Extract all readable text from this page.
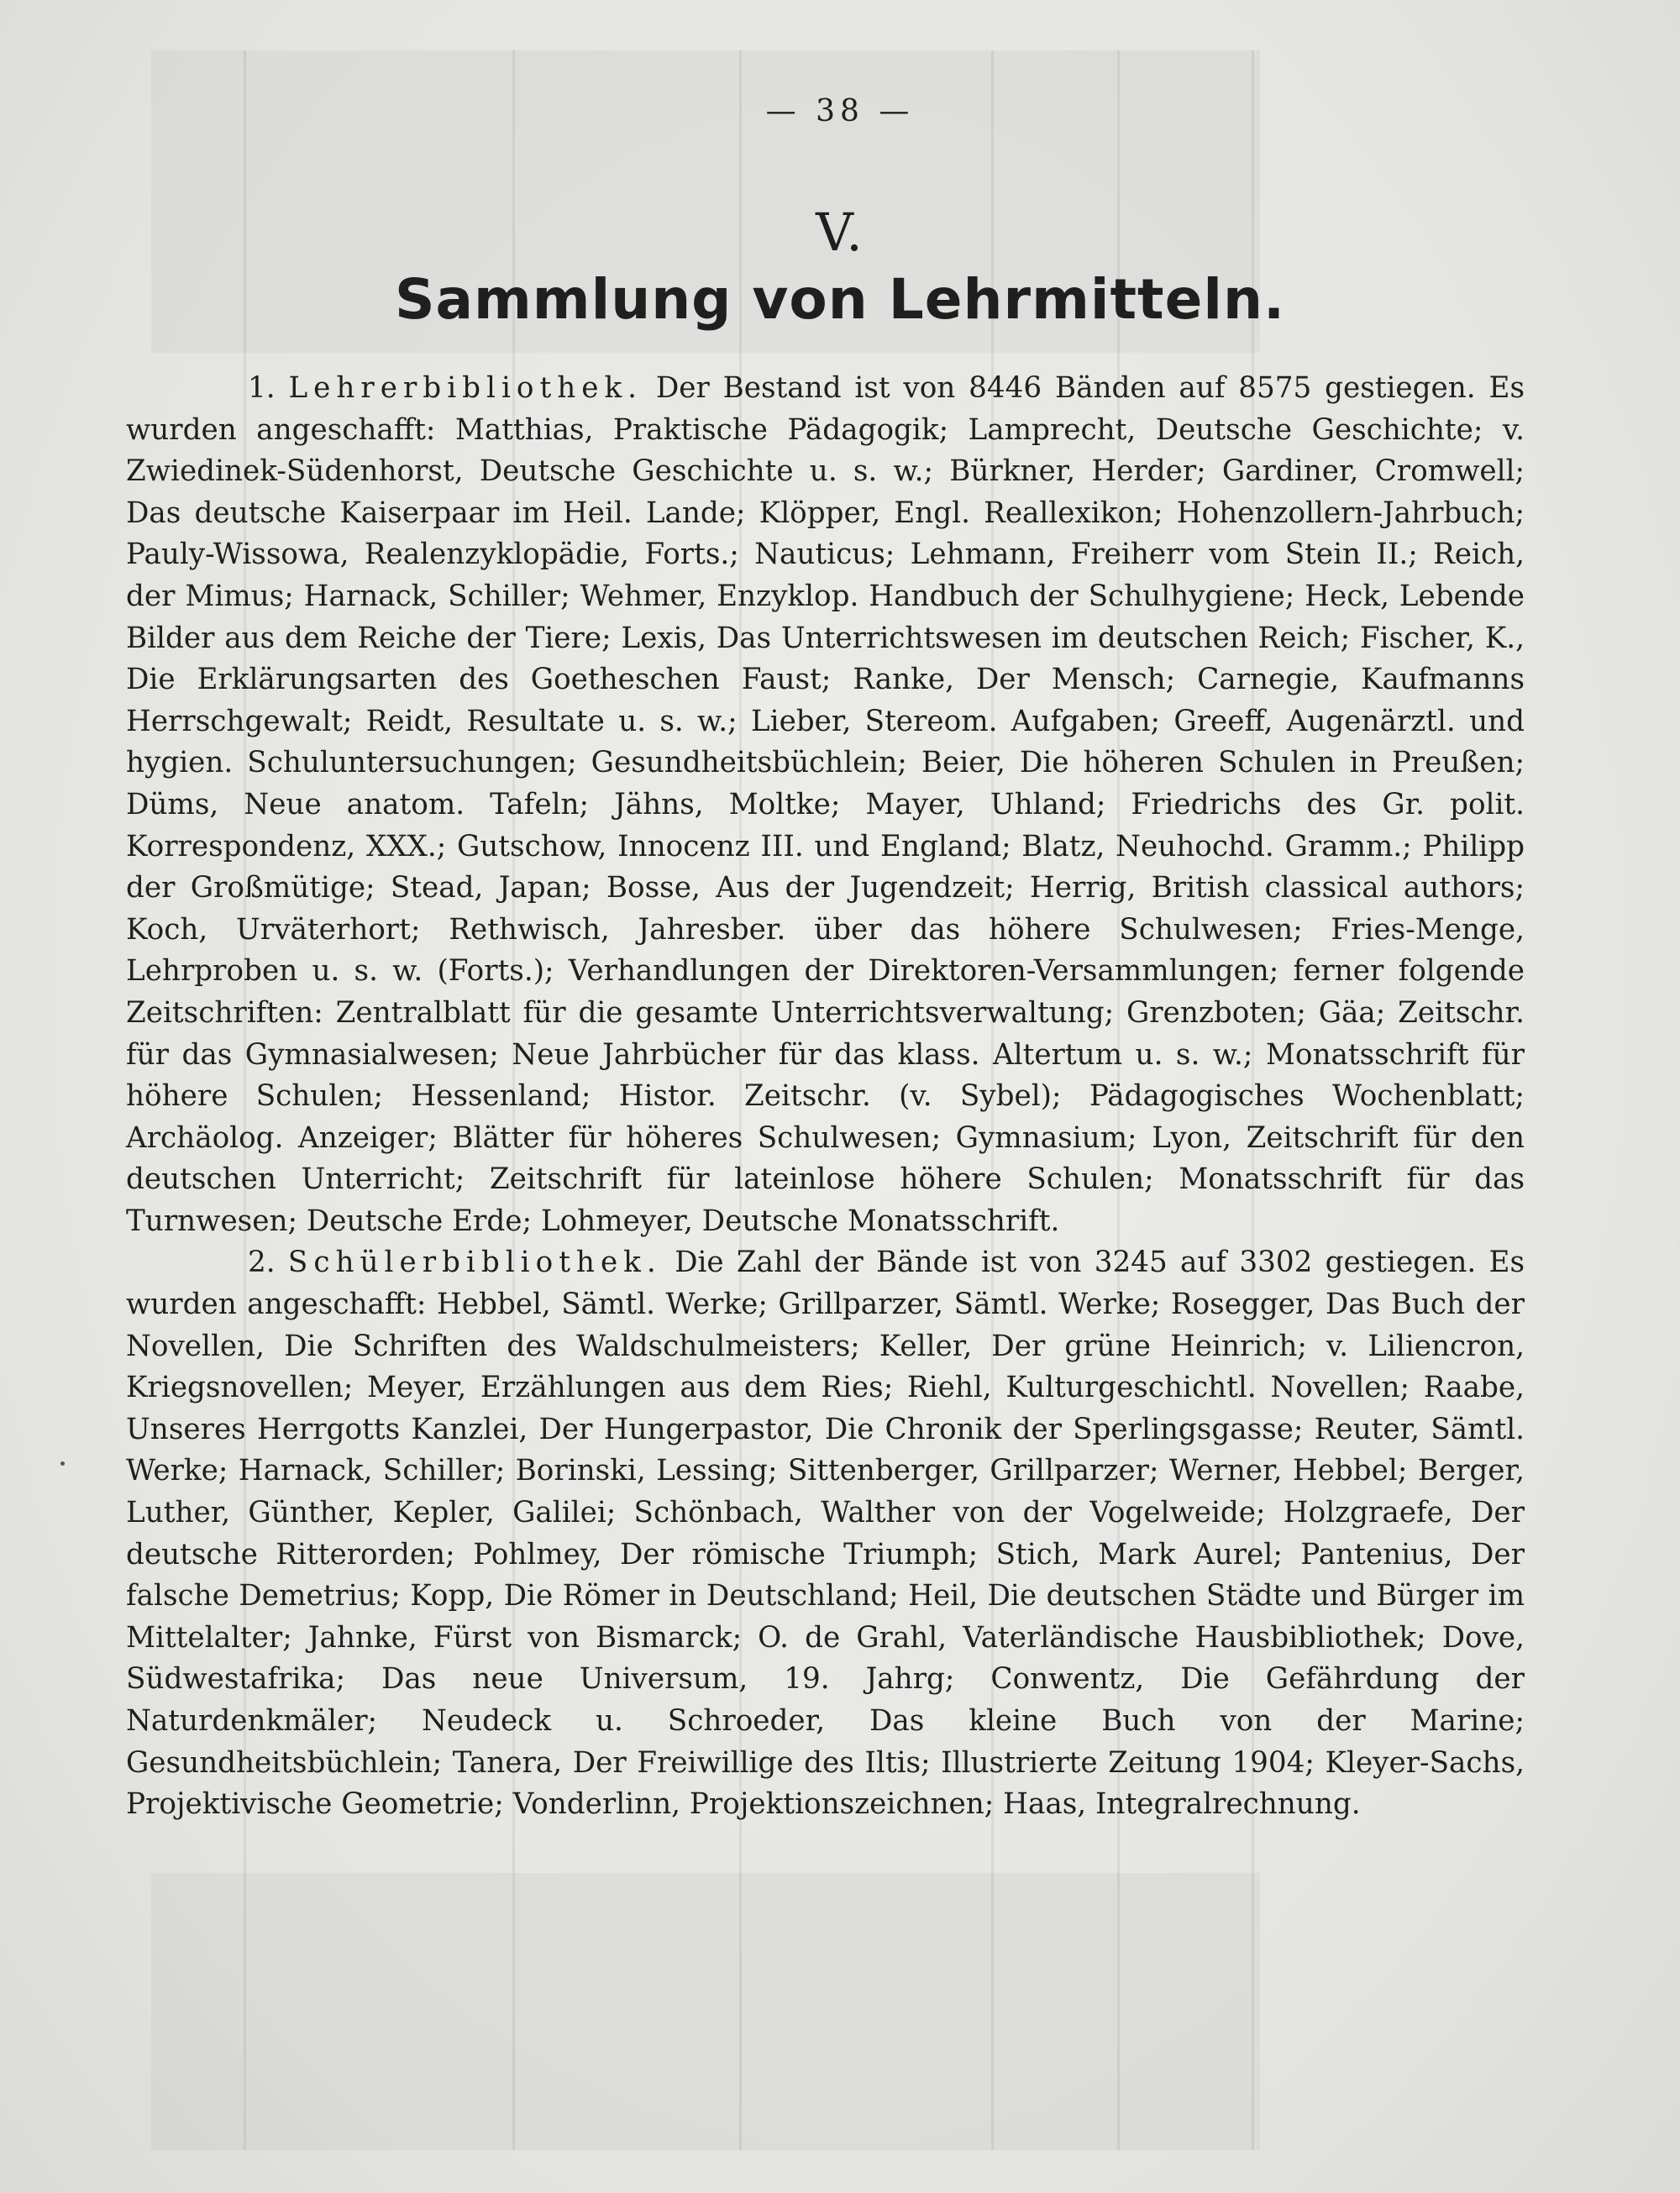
— 38 —
V.
Sammlung von Lehrmitteln.

1. Lehrerbibliothek. Der Bestand ist von 8446 Bänden auf 8575 gestiegen. Es wurden angeschafft: Matthias, Praktische Pädagogik; Lamprecht, Deutsche Geschichte; v. Zwiedinek-Südenhorst, Deutsche Geschichte u. s. w.; Bürkner, Herder; Gardiner, Cromwell; Das deutsche Kaiserpaar im Heil. Lande; Klöpper, Engl. Reallexikon; Hohenzollern-Jahrbuch; Pauly-Wissowa, Realenzyklopädie, Forts.; Nauticus; Lehmann, Freiherr vom Stein II.; Reich, der Mimus; Harnack, Schiller; Wehmer, Enzyklop. Handbuch der Schulhygiene; Heck, Lebende Bilder aus dem Reiche der Tiere; Lexis, Das Unterrichtswesen im deutschen Reich; Fischer, K., Die Erklärungsarten des Goetheschen Faust; Ranke, Der Mensch; Carnegie, Kaufmanns Herrschgewalt; Reidt, Resultate u. s. w.; Lieber, Stereom. Aufgaben; Greeff, Augenärztl. und hygien. Schuluntersuchungen; Gesundheitsbüchlein; Beier, Die höheren Schulen in Preußen; Düms, Neue anatom. Tafeln; Jähns, Moltke; Mayer, Uhland; Friedrichs des Gr. polit. Korrespondenz, XXX.; Gutschow, Innocenz III. und England; Blatz, Neuhochd. Gramm.; Philipp der Großmütige; Stead, Japan; Bosse, Aus der Jugendzeit; Herrig, British classical authors; Koch, Urväterhort; Rethwisch, Jahresber. über das höhere Schulwesen; Fries-Menge, Lehrproben u. s. w. (Forts.); Verhandlungen der Direktoren-Versammlungen; ferner folgende Zeitschriften: Zentralblatt für die gesamte Unterrichtsverwaltung; Grenzboten; Gäa; Zeitschr. für das Gymnasialwesen; Neue Jahrbücher für das klass. Altertum u. s. w.; Monatsschrift für höhere Schulen; Hessenland; Histor. Zeitschr. (v. Sybel); Pädagogisches Wochenblatt; Archäolog. Anzeiger; Blätter für höheres Schulwesen; Gymnasium; Lyon, Zeitschrift für den deutschen Unterricht; Zeitschrift für lateinlose höhere Schulen; Monatsschrift für das Turnwesen; Deutsche Erde; Lohmeyer, Deutsche Monatsschrift.

2. Schülerbibliothek. Die Zahl der Bände ist von 3245 auf 3302 gestiegen. Es wurden angeschafft: Hebbel, Sämtl. Werke; Grillparzer, Sämtl. Werke; Rosegger, Das Buch der Novellen, Die Schriften des Waldschulmeisters; Keller, Der grüne Heinrich; v. Liliencron, Kriegsnovellen; Meyer, Erzählungen aus dem Ries; Riehl, Kulturgeschichtl. Novellen; Raabe, Unseres Herrgotts Kanzlei, Der Hungerpastor, Die Chronik der Sperlingsgasse; Reuter, Sämtl. Werke; Harnack, Schiller; Borinski, Lessing; Sittenberger, Grillparzer; Werner, Hebbel; Berger, Luther, Günther, Kepler, Galilei; Schönbach, Walther von der Vogelweide; Holzgraefe, Der deutsche Ritterorden; Pohlmey, Der römische Triumph; Stich, Mark Aurel; Pantenius, Der falsche Demetrius; Kopp, Die Römer in Deutschland; Heil, Die deutschen Städte und Bürger im Mittelalter; Jahnke, Fürst von Bismarck; O. de Grahl, Vaterländische Hausbibliothek; Dove, Südwestafrika; Das neue Universum, 19. Jahrg; Conwentz, Die Gefährdung der Naturdenkmäler; Neudeck u. Schroeder, Das kleine Buch von der Marine; Gesundheitsbüchlein; Tanera, Der Freiwillige des Iltis; Illustrierte Zeitung 1904; Kleyer-Sachs, Projektivische Geometrie; Vonderlinn, Projektionszeichnen; Haas, Integralrechnung.
